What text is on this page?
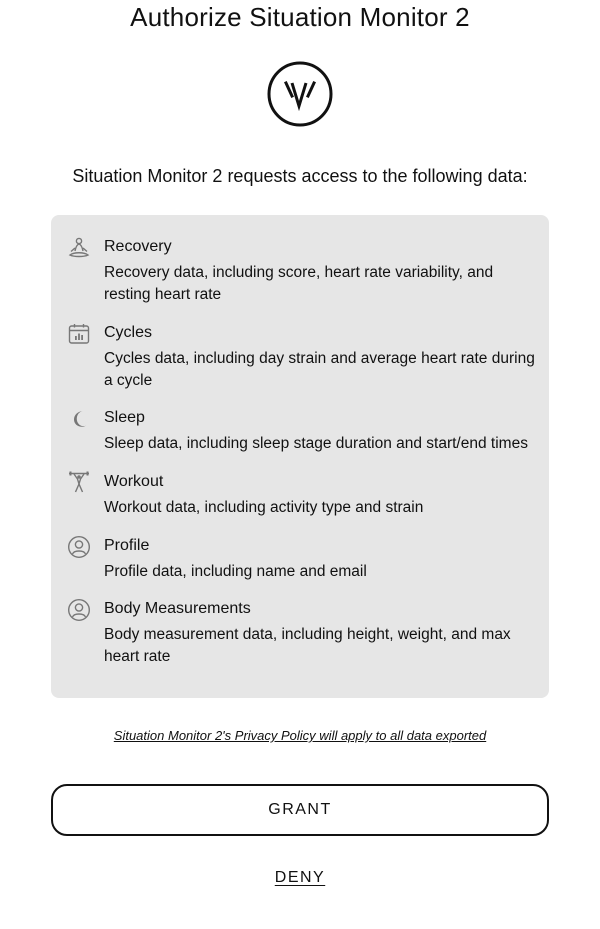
Authorize Situation Monitor 2
Situation Monitor 2 requests access to the following data:
Recovery
Recovery data, including score, heart rate variability, and resting heart rate
Cycles
Cycles data, including day strain and average heart rate during a cycle
Sleep
Sleep data, including sleep stage duration and start/end times
Workout
Workout data, including activity type and strain
Profile
Profile data, including name and email
Body Measurements
Body measurement data, including height, weight, and max heart rate
Situation Monitor 2's Privacy Policy will apply to all data exported
GRANT
DENY
